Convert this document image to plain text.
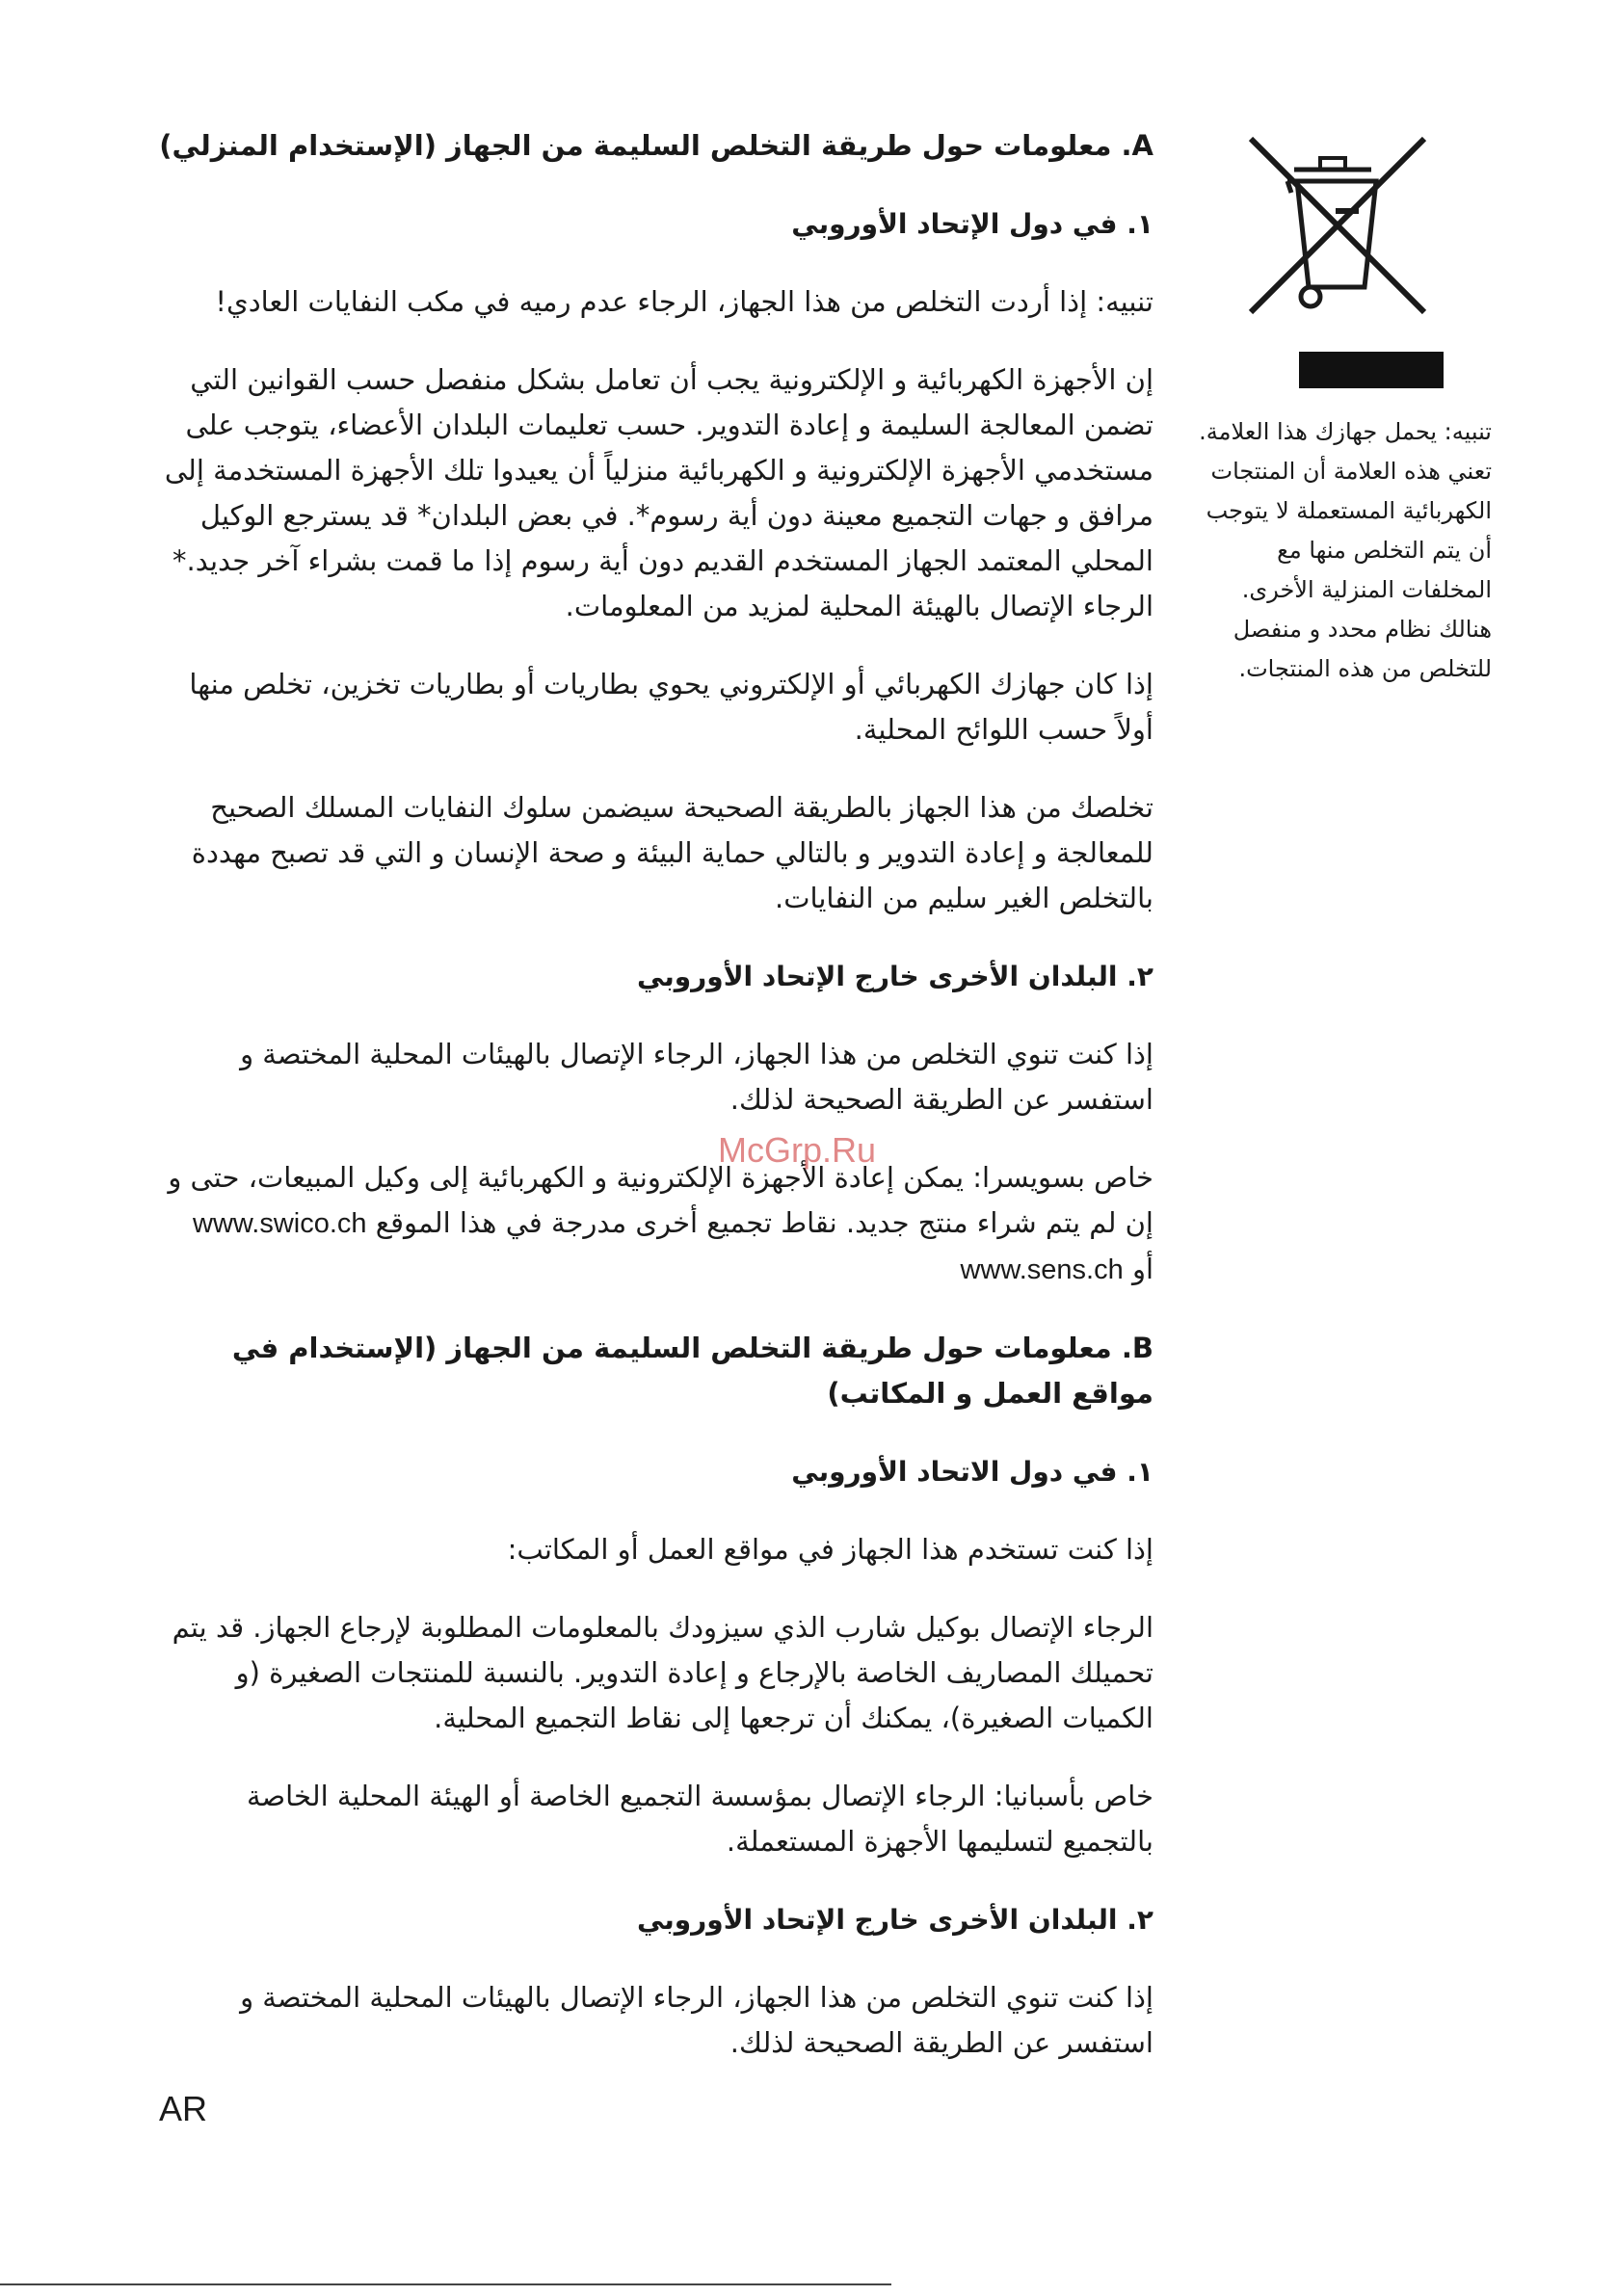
A. معلومات حول طريقة التخلص السليمة من الجهاز (الإستخدام المنزلي)
١. في دول الإتحاد الأوروبي

تنبيه: إذا أردت التخلص من هذا الجهاز، الرجاء عدم رميه في مكب النفايات العادي!

إن الأجهزة الكهربائية و الإلكترونية يجب أن تعامل بشكل منفصل حسب القوانين التي تضمن المعالجة السليمة و إعادة التدوير. حسب تعليمات البلدان الأعضاء، يتوجب على مستخدمي الأجهزة الإلكترونية و الكهربائية منزلياً أن يعيدوا تلك الأجهزة المستخدمة إلى مرافق و جهات التجميع معينة دون أية رسوم*. في بعض البلدان* قد يسترجع الوكيل المحلي المعتمد الجهاز المستخدم القديم دون أية رسوم إذا ما قمت بشراء آخر جديد.* الرجاء الإتصال بالهيئة المحلية لمزيد من المعلومات.

إذا كان جهازك الكهربائي أو الإلكتروني يحوي بطاريات أو بطاريات تخزين، تخلص منها أولاً حسب اللوائح المحلية.

تخلصك من هذا الجهاز بالطريقة الصحيحة سيضمن سلوك النفايات المسلك الصحيح للمعالجة و إعادة التدوير و بالتالي حماية البيئة و صحة الإنسان و التي قد تصبح مهددة بالتخلص الغير سليم من النفايات.

٢. البلدان الأخرى خارج الإتحاد الأوروبي

إذا كنت تنوي التخلص من هذا الجهاز، الرجاء الإتصال بالهيئات المحلية المختصة و استفسر عن الطريقة الصحيحة لذلك.

خاص بسويسرا: يمكن إعادة الأجهزة الإلكترونية و الكهربائية إلى وكيل المبيعات، حتى و إن لم يتم شراء منتج جديد. نقاط تجميع أخرى مدرجة في هذا الموقع www.swico.ch
أو www.sens.ch

B. معلومات حول طريقة التخلص السليمة من الجهاز (الإستخدام في مواقع العمل و المكاتب)
١. في دول الاتحاد الأوروبي

إذا كنت تستخدم هذا الجهاز في مواقع العمل أو المكاتب:

الرجاء الإتصال بوكيل شارب الذي سيزودك بالمعلومات المطلوبة لإرجاع الجهاز. قد يتم تحميلك المصاريف الخاصة بالإرجاع و إعادة التدوير. بالنسبة للمنتجات الصغيرة (و الكميات الصغيرة)، يمكنك أن ترجعها إلى نقاط التجميع المحلية.

خاص بأسبانيا: الرجاء الإتصال بمؤسسة التجميع الخاصة أو الهيئة المحلية الخاصة بالتجميع لتسليمها الأجهزة المستعملة.

٢. البلدان الأخرى خارج الإتحاد الأوروبي

إذا كنت تنوي التخلص من هذا الجهاز، الرجاء الإتصال بالهيئات المحلية المختصة و استفسر عن الطريقة الصحيحة لذلك.

تنبيه: يحمل جهازك هذا العلامة. تعني هذه العلامة أن المنتجات الكهربائية المستعملة لا يتوجب أن يتم التخلص منها مع المخلفات المنزلية الأخرى. هنالك نظام محدد و منفصل للتخلص من هذه المنتجات.
McGrp.Ru
AR
